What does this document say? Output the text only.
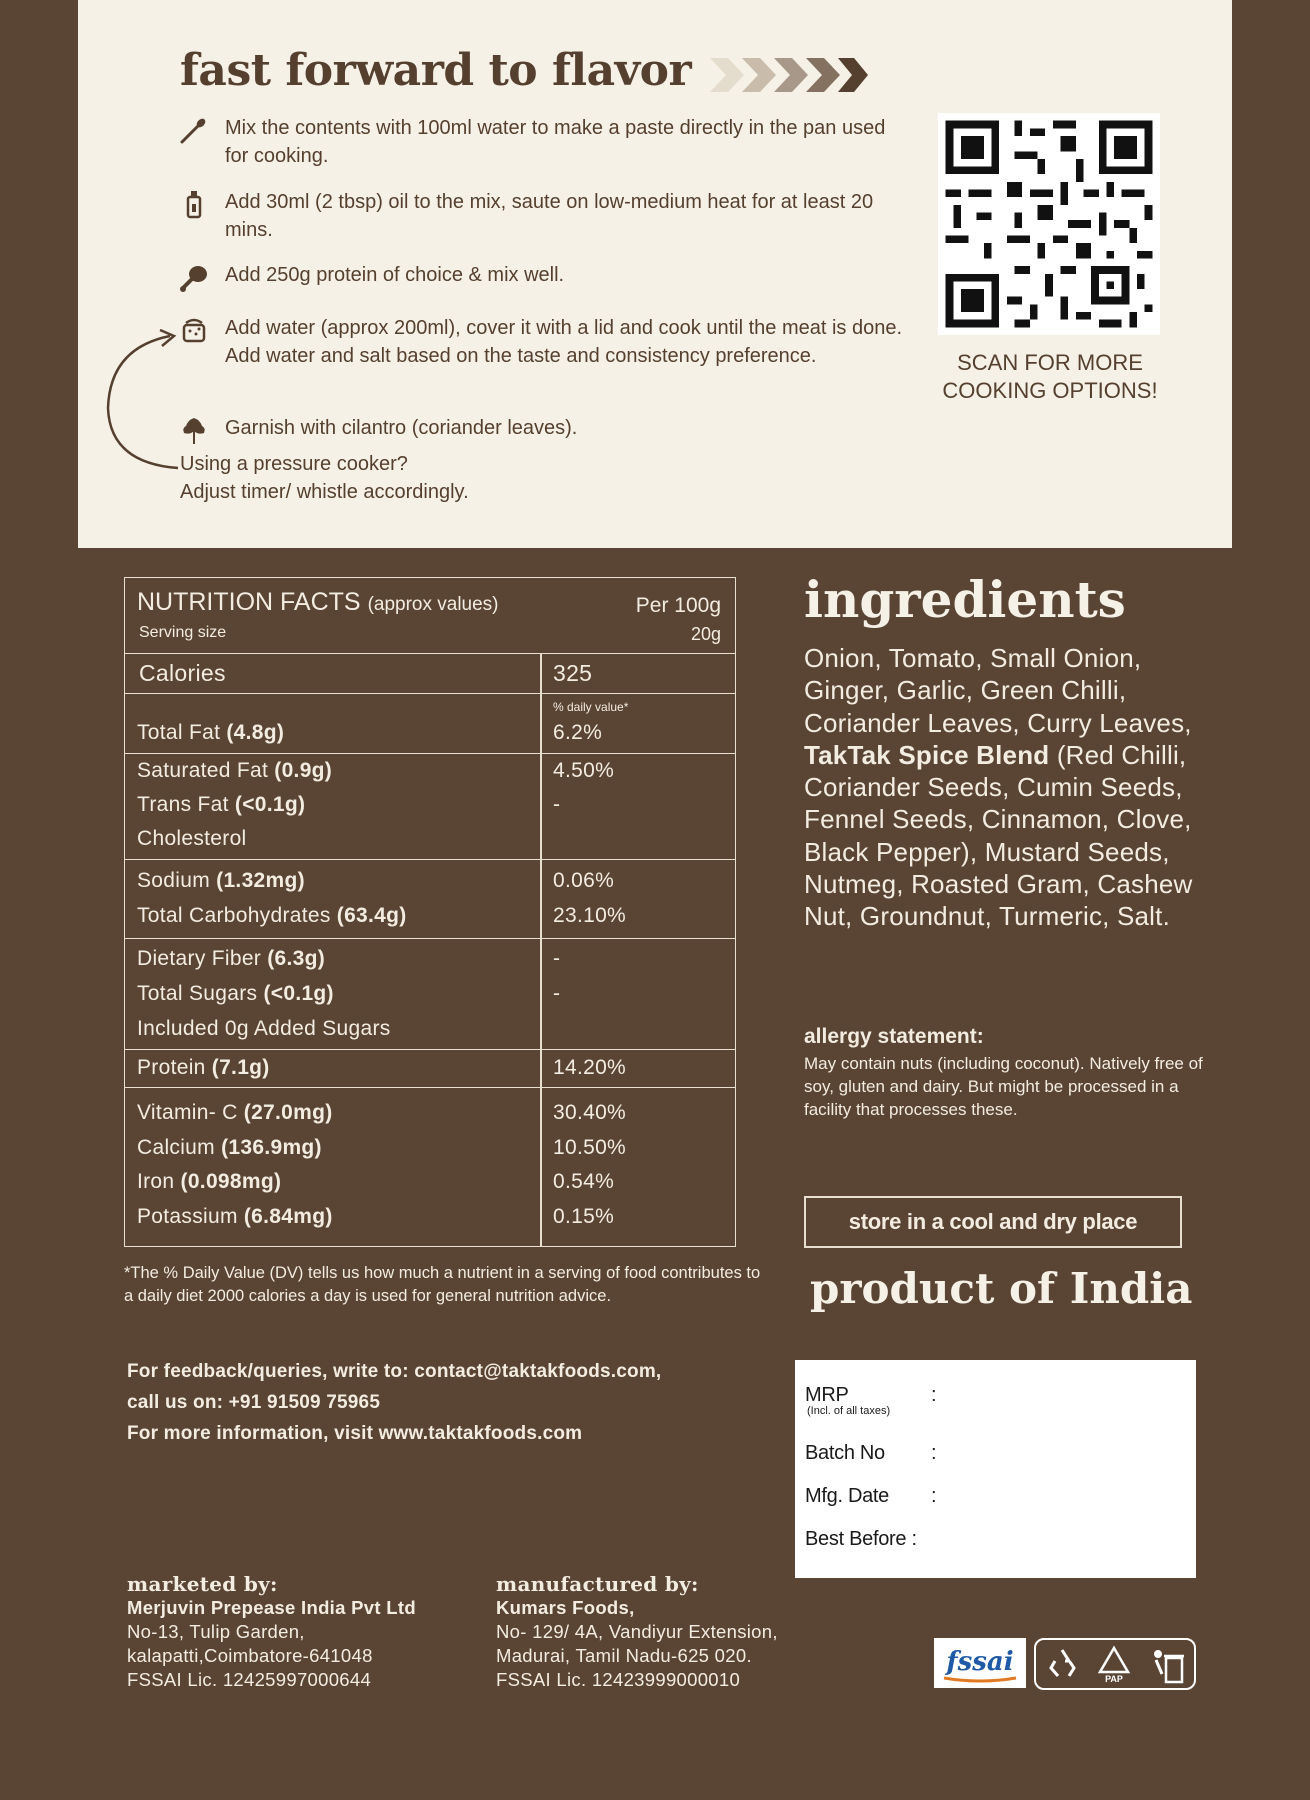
fast forward to flavor
Mix the contents with 100ml water to make a paste directly in the pan used for cooking.
Add 30ml (2 tbsp) oil to the mix, saute on low-medium heat for at least 20 mins.
Add 250g protein of choice & mix well.
Add water (approx 200ml), cover it with a lid and cook until the meat is done. Add water and salt based on the taste and consistency preference.
Garnish with cilantro (coriander leaves).
Using a pressure cooker?
Adjust timer/ whistle accordingly.
SCAN FOR MORE
COOKING OPTIONS!
NUTRITION FACTS (approx values)	Per 100g
Serving size	20g
Calories	325
% daily value*
Total Fat (4.8g)	6.2%
Saturated Fat (0.9g)	4.50%
Trans Fat (<0.1g)	-
Cholesterol
Sodium (1.32mg)	0.06%
Total Carbohydrates (63.4g)	23.10%
Dietary Fiber (6.3g)	-
Total Sugars (<0.1g)	-
Included 0g Added Sugars
Protein (7.1g)	14.20%
Vitamin- C (27.0mg)	30.40%
Calcium (136.9mg)	10.50%
Iron (0.098mg)	0.54%
Potassium (6.84mg)	0.15%
*The % Daily Value (DV) tells us how much a nutrient in a serving of food contributes to a daily diet 2000 calories a day is used for general nutrition advice.
For feedback/queries, write to: contact@taktakfoods.com,
call us on: +91 91509 75965
For more information, visit www.taktakfoods.com
ingredients
Onion, Tomato, Small Onion, Ginger, Garlic, Green Chilli, Coriander Leaves, Curry Leaves, TakTak Spice Blend (Red Chilli, Coriander Seeds, Cumin Seeds, Fennel Seeds, Cinnamon, Clove, Black Pepper), Mustard Seeds, Nutmeg, Roasted Gram, Cashew Nut, Groundnut, Turmeric, Salt.
allergy statement:
May contain nuts (including coconut). Natively free of soy, gluten and dairy. But might be processed in a facility that processes these.
store in a cool and dry place
product of India
MRP
(Incl. of all taxes)
:
Batch No :
Mfg. Date :
Best Before :
marketed by:
Merjuvin Prepease India Pvt Ltd
No-13, Tulip Garden,
kalapatti,Coimbatore-641048
FSSAI Lic. 12425997000644
manufactured by:
Kumars Foods,
No- 129/ 4A, Vandiyur Extension,
Madurai, Tamil Nadu-625 020.
FSSAI Lic. 12423999000010
fssai
PAP
